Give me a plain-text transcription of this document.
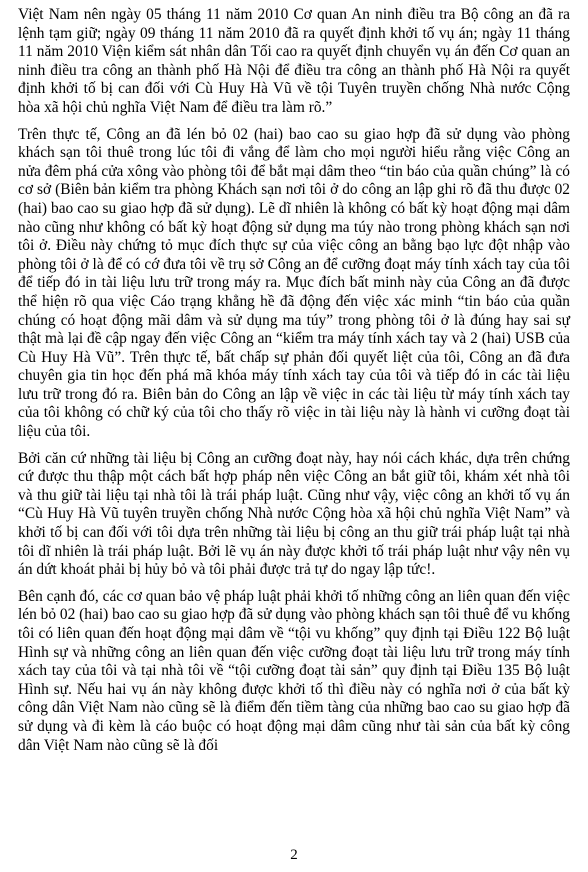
Việt Nam nên ngày 05 tháng 11 năm 2010 Cơ quan An ninh điều tra Bộ công an đã ra lệnh tạm giữ; ngày 09 tháng 11 năm 2010 đã ra quyết định khởi tố vụ án; ngày 11 tháng 11 năm 2010 Viện kiểm sát nhân dân Tối cao ra quyết định chuyển vụ án đến Cơ quan an ninh điều tra công an thành phố Hà Nội để điều tra công an thành phố Hà Nội ra quyết định khởi tố bị can đối với Cù Huy Hà Vũ về tội Tuyên truyền chống Nhà nước Cộng hòa xã hội chủ nghĩa Việt Nam để điều tra làm rõ.”

Trên thực tế, Công an đã lén bỏ 02 (hai) bao cao su giao hợp đã sử dụng vào phòng khách sạn tôi thuê trong lúc tôi đi vắng để làm cho mọi người hiểu rằng việc Công an nửa đêm phá cửa xông vào phòng tôi để bắt mại dâm theo “tin báo của quần chúng” là có cơ sở (Biên bản kiểm tra phòng Khách sạn nơi tôi ở do công an lập ghi rõ đã thu được 02 (hai) bao cao su giao hợp đã sử dụng). Lẽ dĩ nhiên là không có bất kỳ hoạt động mại dâm nào cũng như không có bất kỳ hoạt động sử dụng ma túy nào trong phòng khách sạn nơi tôi ở. Điều này chứng tỏ mục đích thực sự của việc công an bằng bạo lực đột nhập vào phòng tôi ở là để có cớ đưa tôi về trụ sở Công an để cưỡng đoạt máy tính xách tay của tôi để tiếp đó in tài liệu lưu trữ trong máy ra. Mục đích bất minh này của Công an đã được thể hiện rõ qua việc Cáo trạng khẳng hề đã động đến việc xác minh “tin báo của quần chúng có hoạt động mãi dâm và sử dụng ma túy” trong phòng tôi ở là đúng hay sai sự thật mà lại đề cập ngay đến việc Công an “kiểm tra máy tính xách tay và 2 (hai) USB của Cù Huy Hà Vũ”. Trên thực tế, bất chấp sự phản đối quyết liệt của tôi, Công an đã đưa chuyên gia tin học đến phá mã khóa máy tính xách tay của tôi và tiếp đó in các tài liệu lưu trữ trong đó ra. Biên bản do Công an lập về việc in các tài liệu từ máy tính xách tay của tôi không có chữ ký của tôi cho thấy rõ việc in tài liệu này là hành vi cưỡng đoạt tài liệu của tôi.

Bởi căn cứ những tài liệu bị Công an cưỡng đoạt này, hay nói cách khác, dựa trên chứng cứ được thu thập một cách bất hợp pháp nên việc Công an bắt giữ tôi, khám xét nhà tôi và thu giữ tài liệu tại nhà tôi là trái pháp luật. Cũng như vậy, việc công an khởi tố vụ án “Cù Huy Hà Vũ tuyên truyền chống Nhà nước Cộng hòa xã hội chủ nghĩa Việt Nam” và khởi tố bị can đối với tôi dựa trên những tài liệu bị công an thu giữ trái pháp luật tại nhà tôi dĩ nhiên là trái pháp luật. Bởi lẽ vụ án này được khởi tố trái pháp luật như vậy nên vụ án dứt khoát phải bị hủy bỏ và tôi phải được trả tự do ngay lập tức!.

Bên cạnh đó, các cơ quan bảo vệ pháp luật phải khởi tố những công an liên quan đến việc lén bỏ 02 (hai) bao cao su giao hợp đã sử dụng vào phòng khách sạn tôi thuê để vu khống tôi có liên quan đến hoạt động mại dâm về “tội vu khống” quy định tại Điều 122 Bộ luật Hình sự và những công an liên quan đến việc cưỡng đoạt tài liệu lưu trữ trong máy tính xách tay của tôi và tại nhà tôi về “tội cưỡng đoạt tài sản” quy định tại Điều 135 Bộ luật Hình sự. Nếu hai vụ án này không được khởi tố thì điều này có nghĩa nơi ở của bất kỳ công dân Việt Nam nào cũng sẽ là điểm đến tiềm tàng của những bao cao su giao hợp đã sử dụng và đi kèm là cáo buộc có hoạt động mại dâm cũng như tài sản của bất kỳ công dân Việt Nam nào cũng sẽ là đối

2
